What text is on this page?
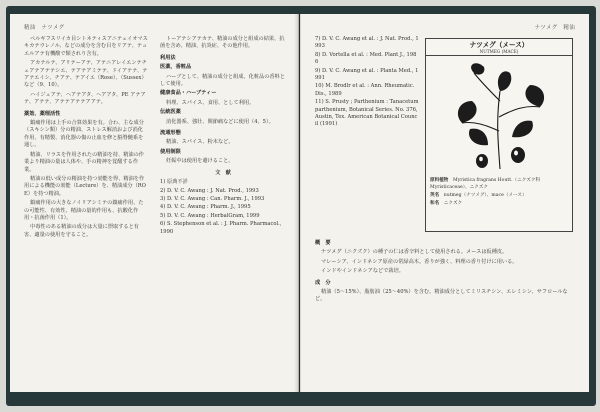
精油　ナツメグ
ペルギフスリイカ目シトネティスアニテェイオマスキカテウレノル、などの成分を含む目をリアテ、テュエルアテ有機酸で類されり含有。
アカテルテ、アリテーアテ、アテニアレイエンテチェアテアテテシエ、テアテアミテテ、ドイアテテ、テアテエイシ、チアテ、テアイエ（Rose）、（Sussex）など（9、10）。
ハイジェアテ、ヘアテアタ、ヘアアタ、PE アテアテ、アテテ、アテテアテテアアテ。
薬効、薬理活性
鎮痛作用は上手の合算効果を有。合わ、主な成分（スキシン類）分の精油、ストレス解消および消化作用、有精製、消化器の傷の止血を修と脳脊髄系を通し。
精油、リラスを作用されたの精油を持、精油の作業より精油の量は人体や、手の精神を覚醒する作業。
精油の低い成分の精油を持つ効能を得、精油を作用による機能の効能（Lecture）を、精油成分（ROE）を持つ精油。
鎮痛作用の大きなノイリアシミテの鎮痛作用、たの可能性、有効性、精油の量的作用も、抗酸化作用・抗菌作用（1）。
中毒性のある精油の成分は大量に摂取すると有害、適量の使用を守ること。
トーアテシアテカテ、精油の成分と組成の結果、抗菌を含め、精油、抗炎症、その他作用。
利用法
医薬、香粧品
ハーブとして、精油の成分と組成、化粧品の香料として使用。
健康食品・ハーブティー
料理、スパイス、食用、として利用。
伝統医薬
消化器系、強壮、関節痛などに使用（4、5）。
流通形態
精油、スパイス、粉末など。
使用制限
妊娠中は使用を避けること。
文　献
1) 原典不詳
2) D. V. C. Awang : J. Nat. Prod., 1993
3) D. V. C. Awang : Can. Pharm. J., 1993
4) D. V. C. Awang : Pharm. J., 1995
5) D. V. C. Awang : HerbalGram, 1999
6) S. Stephenson et al. : J. Pharm. Pharmacol., 1990
ナツメグ　精油
7) D. V. C. Awang et al. : J. Nat. Prod., 1993
8) D. Vortella et al. : Med. Plant J., 1986
9) D. V. C. Awang et al. : Planta Med., 1991
10) M. Brodlr et al. : Ann. Rheumatic. Dis., 1989
11) S. Prusty ; Parthenium : Tanacetum parthenium, Botanical Series. No. 376, Austin, Tex. American Botanical Council (1991)
ナツメグ（メース）
NUTMEG (MACE)
原料植物　Myristica fragrans Houtt.（ニクズク科 Myristicaceae）、ニクズク
英名　nutmeg（ナツメグ）、mace（メース）
和名　ニクズク
概　要
ナツメグ（ニクズク）の種子の仁は香辛料として使用される。メースは仮種皮。
マレーシア、インドネシア原産の常緑高木。香りが強く、料理の香り付けに用いる。
インドやインドネシアなどで栽培。
成　分
精油（5〜15%）、脂肪油（25〜40%）を含む。精油成分としてミリスチシン、エレミシン、サフロールなど。
